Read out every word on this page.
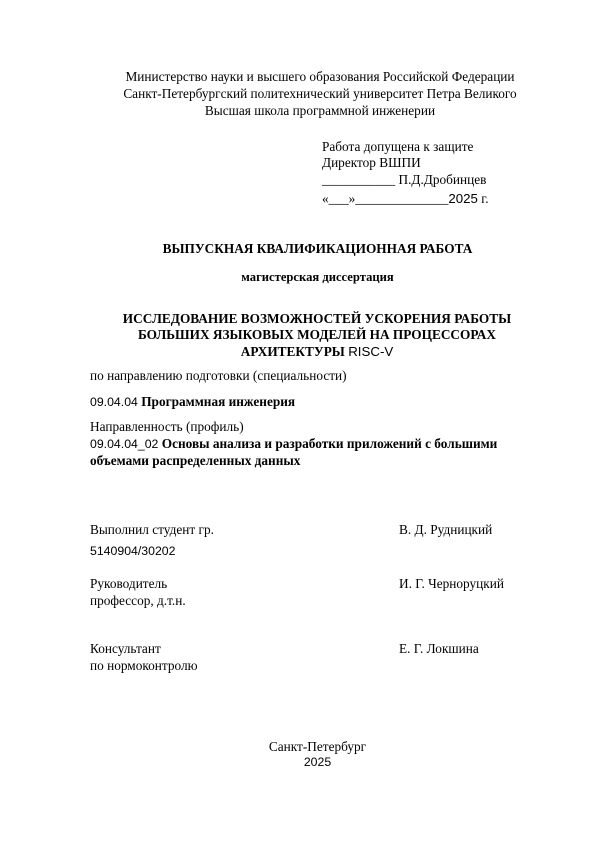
Министерство науки и высшего образования Российской Федерации
Санкт-Петербургский политехнический университет Петра Великого
Высшая школа программной инженерии
Работа допущена к защите
Директор ВШПИ
___________ П.Д.Дробинцев
«___»______________2025 г.
ВЫПУСКНАЯ КВАЛИФИКАЦИОННАЯ РАБОТА
магистерская диссертация
ИССЛЕДОВАНИЕ ВОЗМОЖНОСТЕЙ УСКОРЕНИЯ РАБОТЫ
БОЛЬШИХ ЯЗЫКОВЫХ МОДЕЛЕЙ НА ПРОЦЕССОРАХ
АРХИТЕКТУРЫ RISC-V
по направлению подготовки (специальности)
09.04.04 Программная инженерия
Направленность (профиль)
09.04.04_02 Основы анализа и разработки приложений с большими
объемами распределенных данных
Выполнил студент гр.
5140904/30202
В. Д. Рудницкий
Руководитель
профессор, д.т.н.
И. Г. Черноруцкий
Консультант
по нормоконтролю
Е. Г. Локшина
Санкт-Петербург
2025
